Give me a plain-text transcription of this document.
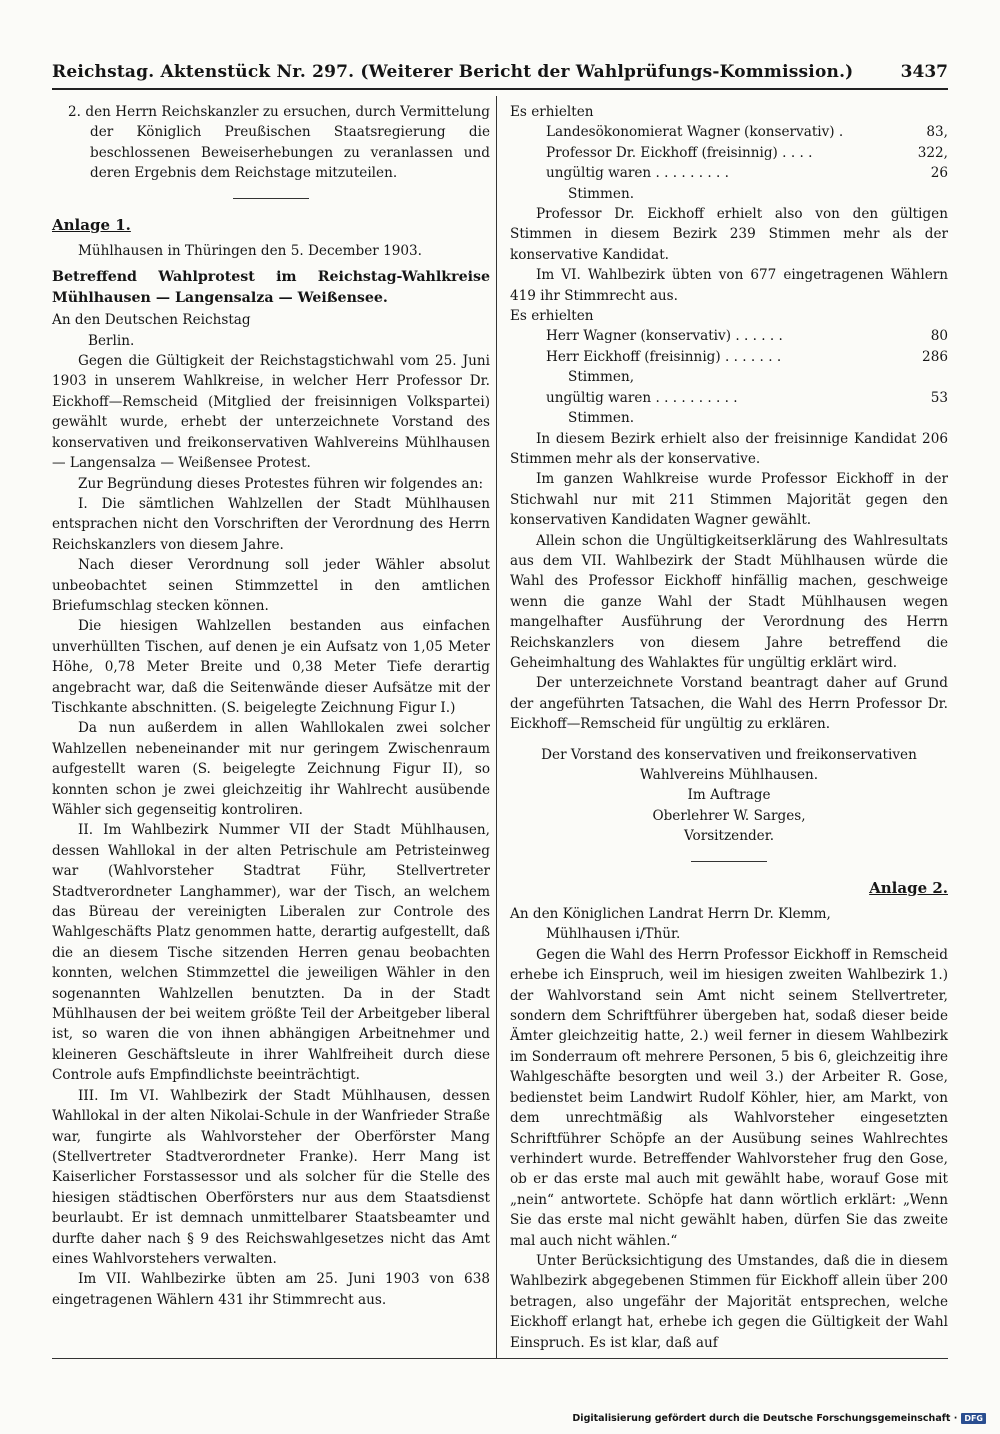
Reichstag. Aktenstück Nr. 297. (Weiterer Bericht der Wahlprüfungs-Kommission.)	3437

2. den Herrn Reichskanzler zu ersuchen, durch Vermittelung der Königlich Preußischen Staatsregierung die beschlossenen Beweiserhebungen zu veranlassen und deren Ergebnis dem Reichstage mitzuteilen.

Anlage 1.

Mühlhausen in Thüringen den 5. December 1903.

Betreffend Wahlprotest im Reichstag-Wahlkreise Mühlhausen — Langensalza — Weißensee.

An den Deutschen Reichstag

Berlin.

Gegen die Gültigkeit der Reichstagstichwahl vom 25. Juni 1903 in unserem Wahlkreise, in welcher Herr Professor Dr. Eickhoff—Remscheid (Mitglied der freisinnigen Volkspartei) gewählt wurde, erhebt der unterzeichnete Vorstand des konservativen und freikonservativen Wahlvereins Mühlhausen — Langensalza — Weißensee Protest.

Zur Begründung dieses Protestes führen wir folgendes an:

I. Die sämtlichen Wahlzellen der Stadt Mühlhausen entsprachen nicht den Vorschriften der Verordnung des Herrn Reichskanzlers von diesem Jahre.

Nach dieser Verordnung soll jeder Wähler absolut unbeobachtet seinen Stimmzettel in den amtlichen Briefumschlag stecken können.

Die hiesigen Wahlzellen bestanden aus einfachen unverhüllten Tischen, auf denen je ein Aufsatz von 1,05 Meter Höhe, 0,78 Meter Breite und 0,38 Meter Tiefe derartig angebracht war, daß die Seitenwände dieser Aufsätze mit der Tischkante abschnitten. (S. beigelegte Zeichnung Figur I.)

Da nun außerdem in allen Wahllokalen zwei solcher Wahlzellen nebeneinander mit nur geringem Zwischenraum aufgestellt waren (S. beigelegte Zeichnung Figur II), so konnten schon je zwei gleichzeitig ihr Wahlrecht ausübende Wähler sich gegenseitig kontroliren.

II. Im Wahlbezirk Nummer VII der Stadt Mühlhausen, dessen Wahllokal in der alten Petrischule am Petristeinweg war (Wahlvorsteher Stadtrat Führ, Stellvertreter Stadtverordneter Langhammer), war der Tisch, an welchem das Büreau der vereinigten Liberalen zur Controle des Wahlgeschäfts Platz genommen hatte, derartig aufgestellt, daß die an diesem Tische sitzenden Herren genau beobachten konnten, welchen Stimmzettel die jeweiligen Wähler in den sogenannten Wahlzellen benutzten. Da in der Stadt Mühlhausen der bei weitem größte Teil der Arbeitgeber liberal ist, so waren die von ihnen abhängigen Arbeitnehmer und kleineren Geschäftsleute in ihrer Wahlfreiheit durch diese Controle aufs Empfindlichste beeinträchtigt.

III. Im VI. Wahlbezirk der Stadt Mühlhausen, dessen Wahllokal in der alten Nikolai-Schule in der Wanfrieder Straße war, fungirte als Wahlvorsteher der Oberförster Mang (Stellvertreter Stadtverordneter Franke). Herr Mang ist Kaiserlicher Forstassessor und als solcher für die Stelle des hiesigen städtischen Oberförsters nur aus dem Staatsdienst beurlaubt. Er ist demnach unmittelbarer Staatsbeamter und durfte daher nach § 9 des Reichswahlgesetzes nicht das Amt eines Wahlvorstehers verwalten.

Im VII. Wahlbezirke übten am 25. Juni 1903 von 638 eingetragenen Wählern 431 ihr Stimmrecht aus.

Es erhielten

Landesökonomierat Wagner (konservativ) .	83,
Professor Dr. Eickhoff (freisinnig) . . . .	322,
ungültig waren . . . . . . . . .	26

Stimmen.

Professor Dr. Eickhoff erhielt also von den gültigen Stimmen in diesem Bezirk 239 Stimmen mehr als der konservative Kandidat.

Im VI. Wahlbezirk übten von 677 eingetragenen Wählern 419 ihr Stimmrecht aus.

Es erhielten

Herr Wagner (konservativ) . . . . . .	80
Herr Eickhoff (freisinnig) . . . . . . .	286

Stimmen,

ungültig waren . . . . . . . . . .	53

Stimmen.

In diesem Bezirk erhielt also der freisinnige Kandidat 206 Stimmen mehr als der konservative.

Im ganzen Wahlkreise wurde Professor Eickhoff in der Stichwahl nur mit 211 Stimmen Majorität gegen den konservativen Kandidaten Wagner gewählt.

Allein schon die Ungültigkeitserklärung des Wahlresultats aus dem VII. Wahlbezirk der Stadt Mühlhausen würde die Wahl des Professor Eickhoff hinfällig machen, geschweige wenn die ganze Wahl der Stadt Mühlhausen wegen mangelhafter Ausführung der Verordnung des Herrn Reichskanzlers von diesem Jahre betreffend die Geheimhaltung des Wahlaktes für ungültig erklärt wird.

Der unterzeichnete Vorstand beantragt daher auf Grund der angeführten Tatsachen, die Wahl des Herrn Professor Dr. Eickhoff—Remscheid für ungültig zu erklären.

Der Vorstand des konservativen und freikonservativen Wahlvereins Mühlhausen.

Im Auftrage

Oberlehrer W. Sarges,

Vorsitzender.

Anlage 2.

An den Königlichen Landrat Herrn Dr. Klemm,

Mühlhausen i/Thür.

Gegen die Wahl des Herrn Professor Eickhoff in Remscheid erhebe ich Einspruch, weil im hiesigen zweiten Wahlbezirk 1.) der Wahlvorstand sein Amt nicht seinem Stellvertreter, sondern dem Schriftführer übergeben hat, sodaß dieser beide Ämter gleichzeitig hatte, 2.) weil ferner in diesem Wahlbezirk im Sonderraum oft mehrere Personen, 5 bis 6, gleichzeitig ihre Wahlgeschäfte besorgten und weil 3.) der Arbeiter R. Gose, bedienstet beim Landwirt Rudolf Köhler, hier, am Markt, von dem unrechtmäßig als Wahlvorsteher eingesetzten Schriftführer Schöpfe an der Ausübung seines Wahlrechtes verhindert wurde. Betreffender Wahlvorsteher frug den Gose, ob er das erste mal auch mit gewählt habe, worauf Gose mit „nein“ antwortete. Schöpfe hat dann wörtlich erklärt: „Wenn Sie das erste mal nicht gewählt haben, dürfen Sie das zweite mal auch nicht wählen.“

Unter Berücksichtigung des Umstandes, daß die in diesem Wahlbezirk abgegebenen Stimmen für Eickhoff allein über 200 betragen, also ungefähr der Majorität entsprechen, welche Eickhoff erlangt hat, erhebe ich gegen die Gültigkeit der Wahl Einspruch. Es ist klar, daß auf

Digitalisierung gefördert durch die Deutsche Forschungsgemeinschaft · DFG
